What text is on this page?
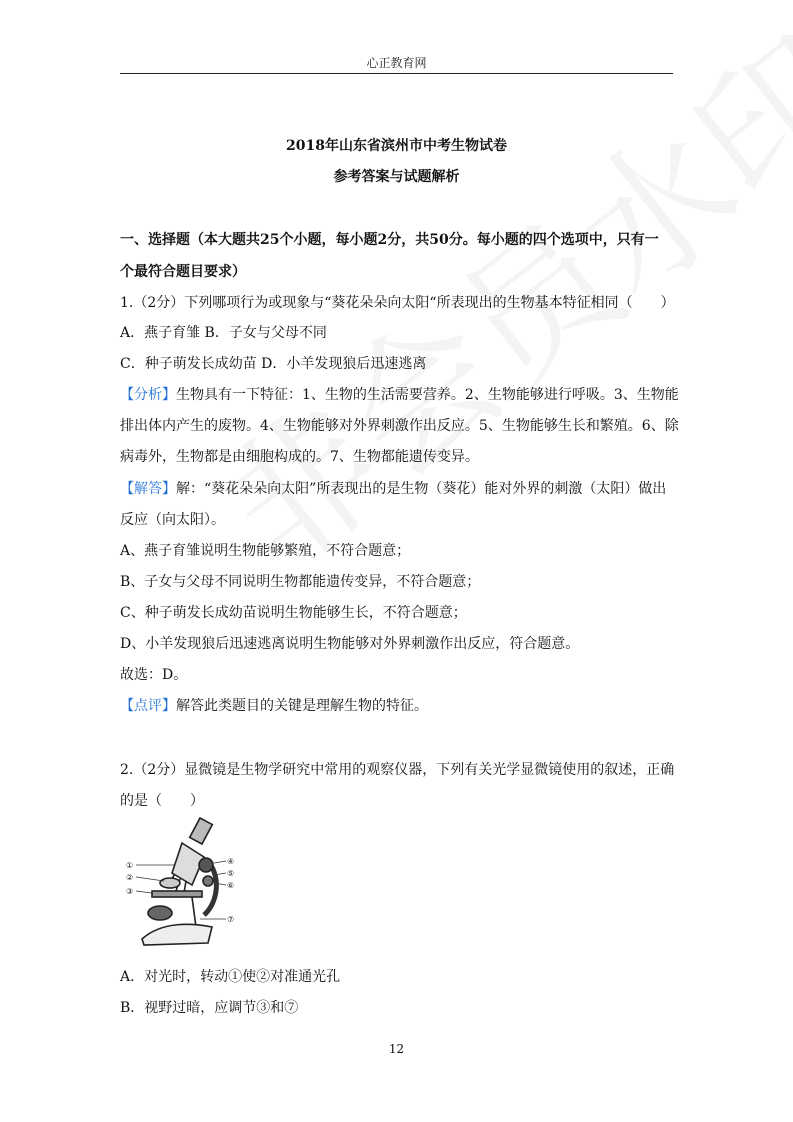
心正教育网
2018年山东省滨州市中考生物试卷
参考答案与试题解析
一、选择题（本大题共25个小题，每小题2分，共50分。每小题的四个选项中，只有一
个最符合题目要求）
1.（2分）下列哪项行为或现象与“葵花朵朵向太阳“所表现出的生物基本特征相同（　　）
A．燕子育雏 B．子女与父母不同
C．种子萌发长成幼苗 D．小羊发现狼后迅速逃离
【分析】生物具有一下特征：1、生物的生活需要营养。2、生物能够进行呼吸。3、生物能
排出体内产生的废物。4、生物能够对外界刺激作出反应。5、生物能够生长和繁殖。6、除
病毒外，生物都是由细胞构成的。7、生物都能遗传变异。
【解答】解：“葵花朵朵向太阳”所表现出的是生物（葵花）能对外界的刺激（太阳）做出
反应（向太阳）。
A、燕子育雏说明生物能够繁殖，不符合题意；
B、子女与父母不同说明生物都能遗传变异，不符合题意；
C、种子萌发长成幼苗说明生物能够生长，不符合题意；
D、小羊发现狼后迅速逃离说明生物能够对外界刺激作出反应，符合题意。
故选：D。
【点评】解答此类题目的关键是理解生物的特征。
2.（2分）显微镜是生物学研究中常用的观察仪器，下列有关光学显微镜使用的叙述，正确
的是（　　）
①
②
③
④
⑤
⑥
⑦
A．对光时，转动①使②对准通光孔
B．视野过暗，应调节③和⑦
12
